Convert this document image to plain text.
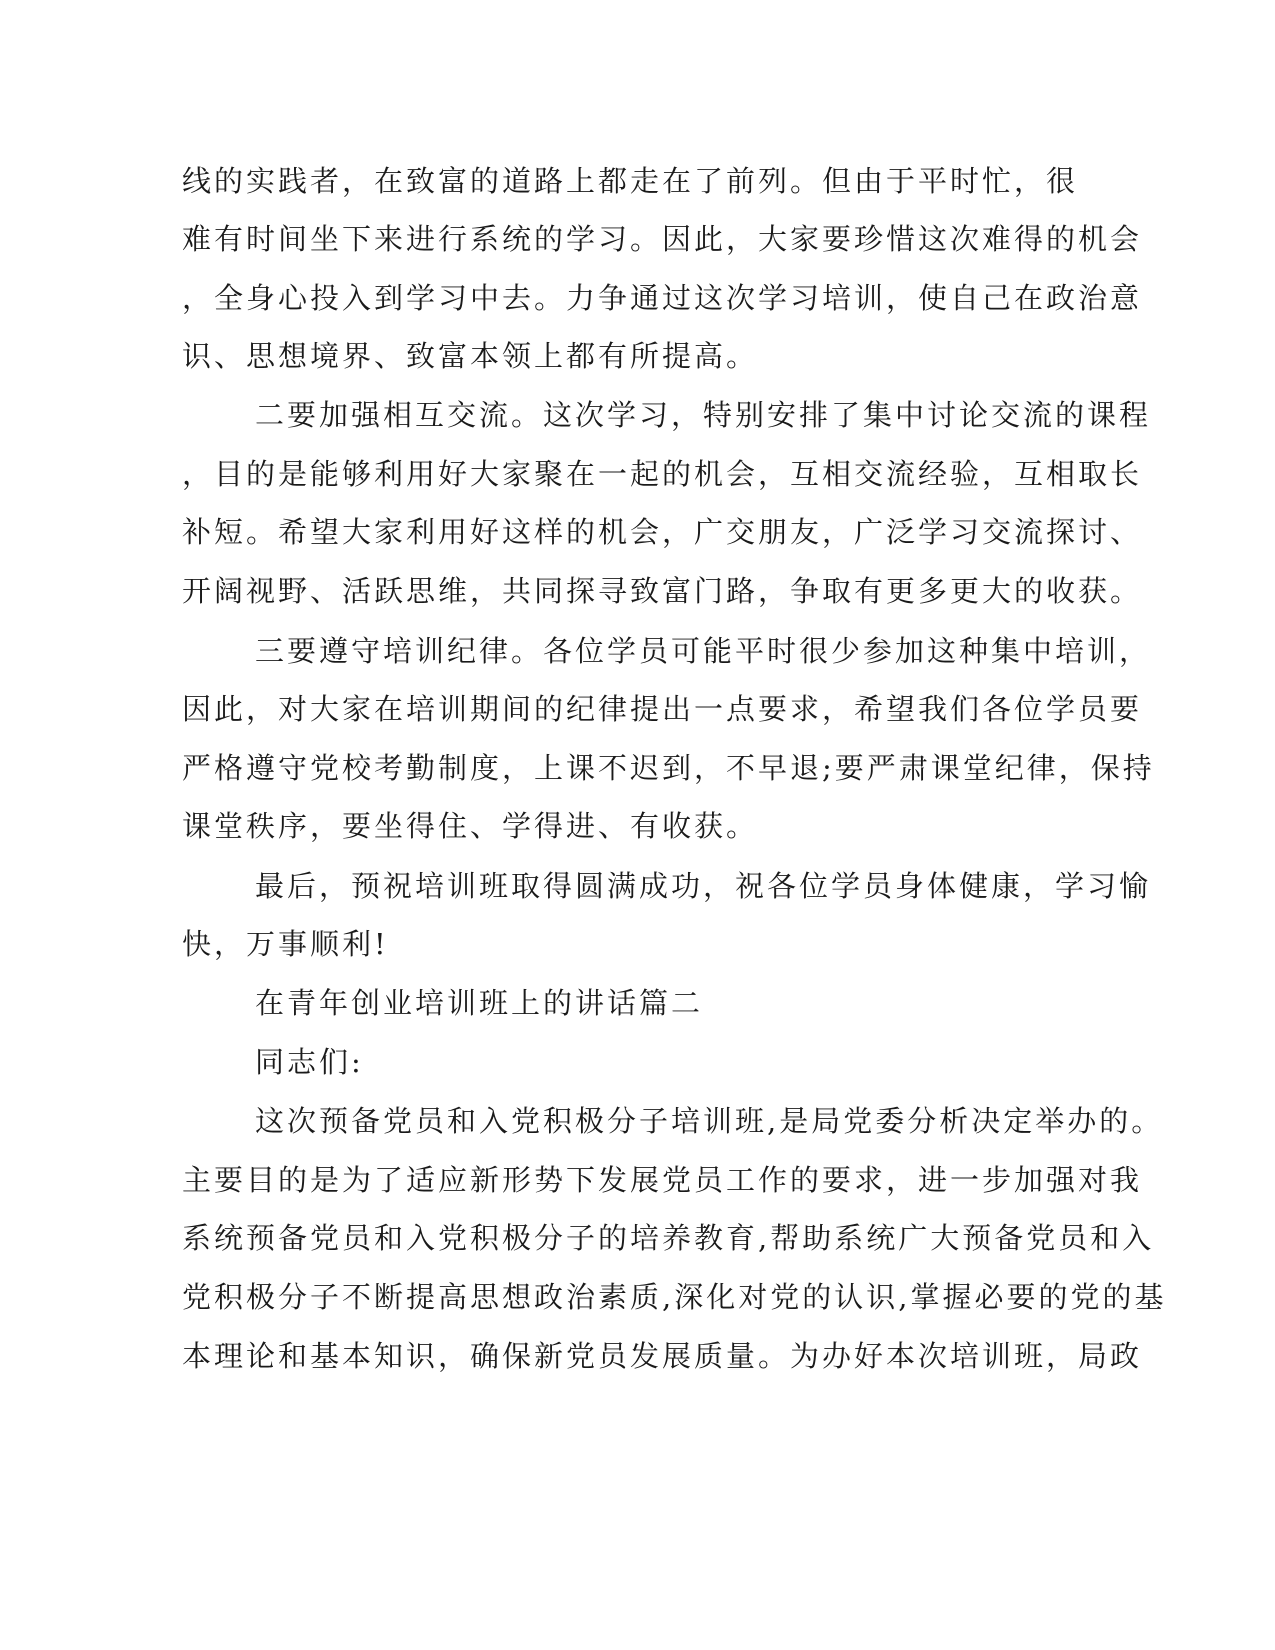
线的实践者，在致富的道路上都走在了前列。但由于平时忙，很
难有时间坐下来进行系统的学习。因此，大家要珍惜这次难得的机会
，全身心投入到学习中去。力争通过这次学习培训，使自己在政治意
识、思想境界、致富本领上都有所提高。
二要加强相互交流。这次学习，特别安排了集中讨论交流的课程
，目的是能够利用好大家聚在一起的机会，互相交流经验，互相取长
补短。希望大家利用好这样的机会，广交朋友，广泛学习交流探讨、
开阔视野、活跃思维，共同探寻致富门路，争取有更多更大的收获。
三要遵守培训纪律。各位学员可能平时很少参加这种集中培训，
因此，对大家在培训期间的纪律提出一点要求，希望我们各位学员要
严格遵守党校考勤制度，上课不迟到，不早退;要严肃课堂纪律，保持
课堂秩序，要坐得住、学得进、有收获。
最后，预祝培训班取得圆满成功，祝各位学员身体健康，学习愉
快，万事顺利!
在青年创业培训班上的讲话篇二
同志们:
这次预备党员和入党积极分子培训班,是局党委分析决定举办的。
主要目的是为了适应新形势下发展党员工作的要求，进一步加强对我
系统预备党员和入党积极分子的培养教育,帮助系统广大预备党员和入
党积极分子不断提高思想政治素质,深化对党的认识,掌握必要的党的基
本理论和基本知识，确保新党员发展质量。为办好本次培训班，局政
